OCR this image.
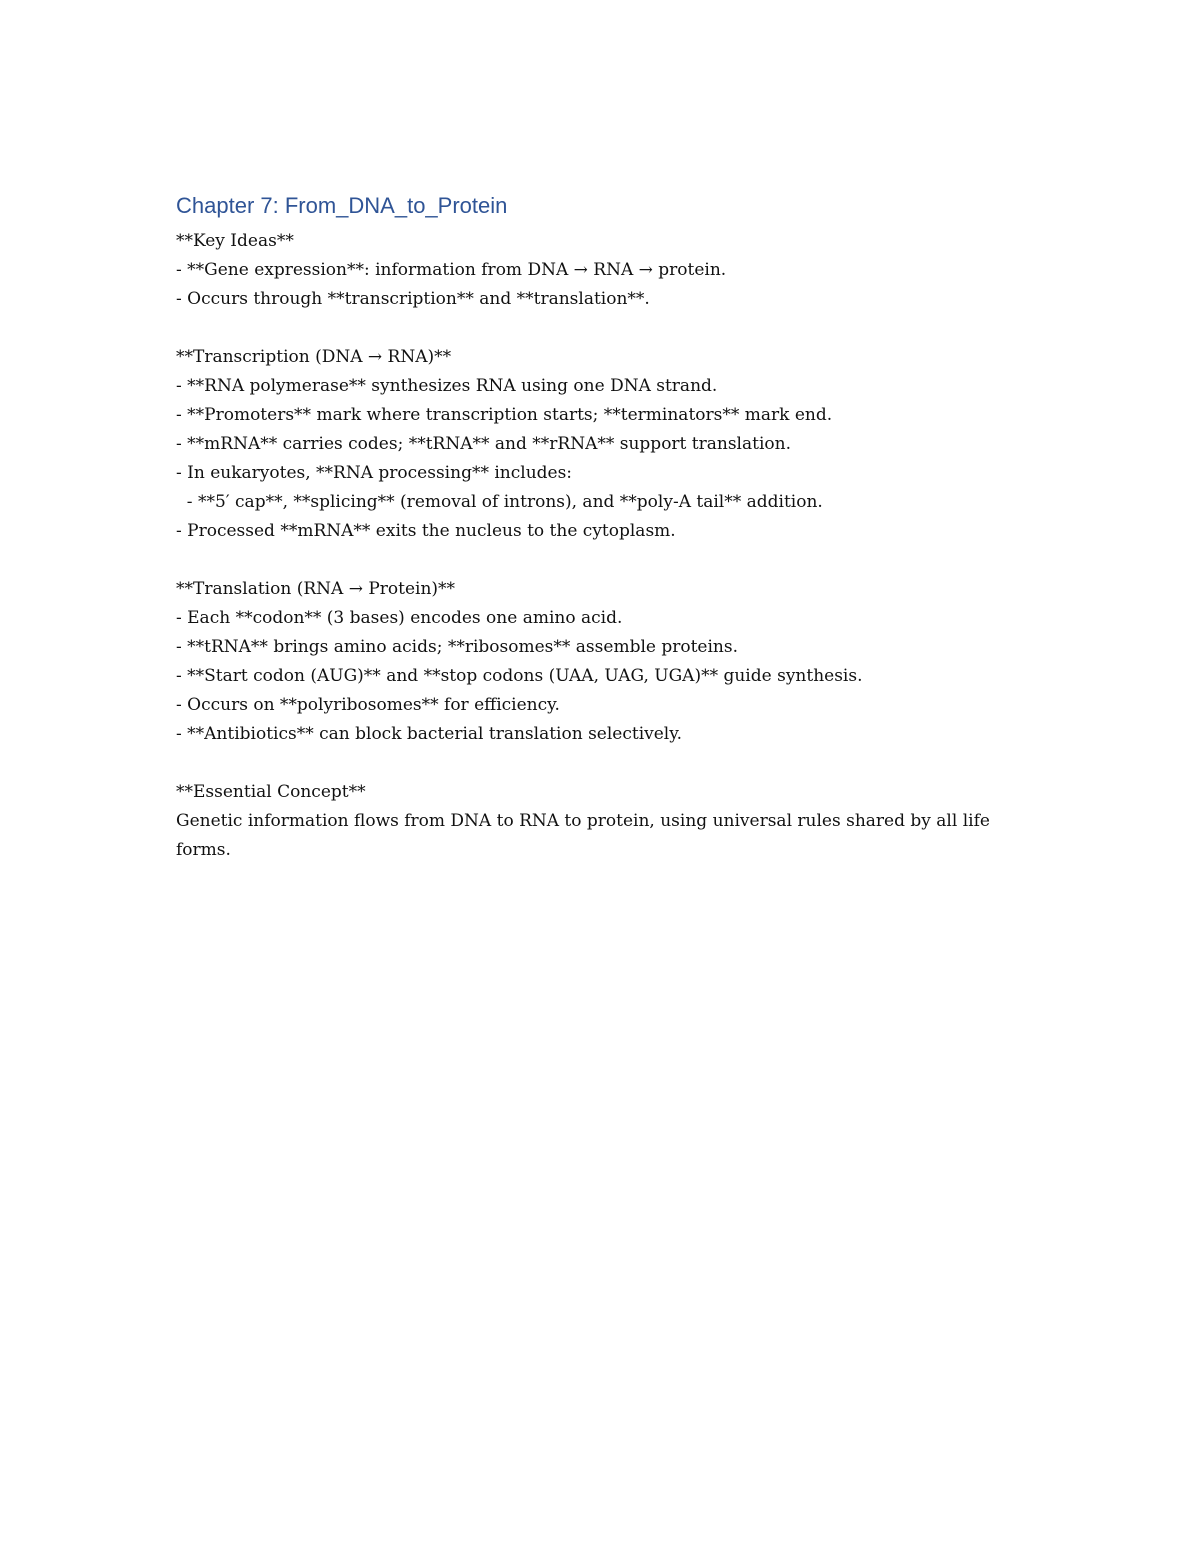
Chapter 7: From_DNA_to_Protein
**Key Ideas**
- **Gene expression**: information from DNA → RNA → protein.
- Occurs through **transcription** and **translation**.
**Transcription (DNA → RNA)**
- **RNA polymerase** synthesizes RNA using one DNA strand.
- **Promoters** mark where transcription starts; **terminators** mark end.
- **mRNA** carries codes; **tRNA** and **rRNA** support translation.
- In eukaryotes, **RNA processing** includes:
- **5′ cap**, **splicing** (removal of introns), and **poly-A tail** addition.
- Processed **mRNA** exits the nucleus to the cytoplasm.
**Translation (RNA → Protein)**
- Each **codon** (3 bases) encodes one amino acid.
- **tRNA** brings amino acids; **ribosomes** assemble proteins.
- **Start codon (AUG)** and **stop codons (UAA, UAG, UGA)** guide synthesis.
- Occurs on **polyribosomes** for efficiency.
- **Antibiotics** can block bacterial translation selectively.
**Essential Concept**

Genetic information flows from DNA to RNA to protein, using universal rules shared by all life forms.
